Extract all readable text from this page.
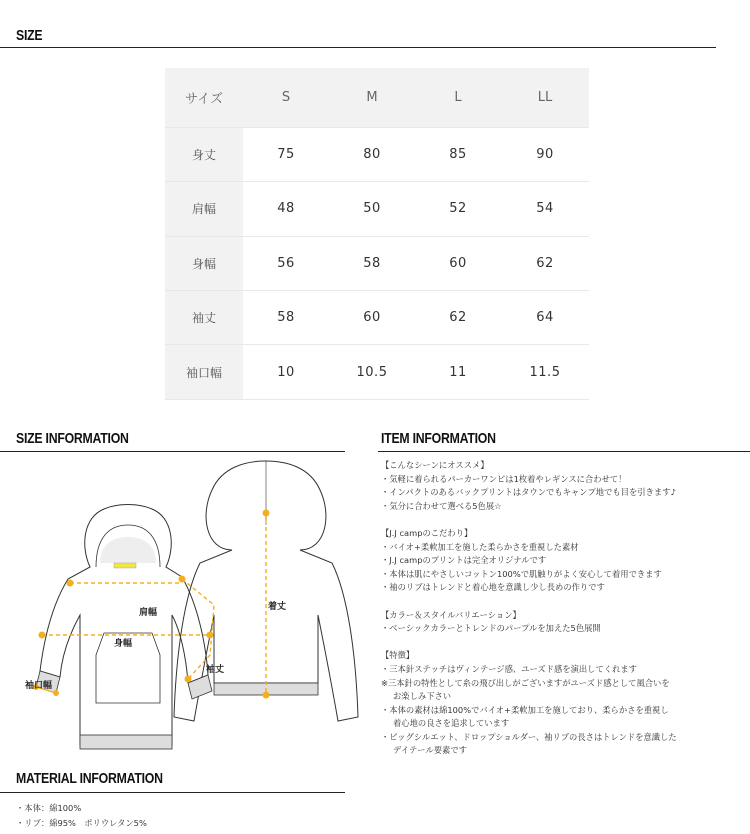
SIZE
サイズ	S	M	L	LL
身丈	75	80	85	90
肩幅	48	50	52	54
身幅	56	58	60	62
袖丈	58	60	62	64
袖口幅	10	10.5	11	11.5
SIZE INFORMATION	ITEM INFORMATION
肩幅
身幅
着丈
袖丈
袖口幅
【こんなシーンにオススメ】
・気軽に着られるパーカーワンピは1枚着やレギンスに合わせて！
・インパクトのあるバックプリントはタウンでもキャンプ地でも目を引きます♪
・気分に合わせて選べる5色展☆
【J.J campのこだわり】
・バイオ+柔軟加工を施した柔らかさを重視した素材
・J.J campのプリントは完全オリジナルです
・本体は肌にやさしいコットン100%で肌触りがよく安心して着用できます
・袖のリブはトレンドと着心地を意識し少し長めの作りです
【カラー＆スタイルバリエーション】
・ベーシックカラーとトレンドのパープルを加えた5色展開
【特徴】
・三本針ステッチはヴィンテージ感、ユーズド感を演出してくれます
※三本針の特性として糸の飛び出しがございますがユーズド感として風合いを
お楽しみ下さい
・本体の素材は綿100%でバイオ+柔軟加工を施しており、柔らかさを重視し
着心地の良さを追求しています
・ビッグシルエット、ドロップショルダー、袖リブの長さはトレンドを意識した
デイテール要素です
MATERIAL INFORMATION
・本体：綿100%
・リブ：綿95%　ポリウレタン5%
